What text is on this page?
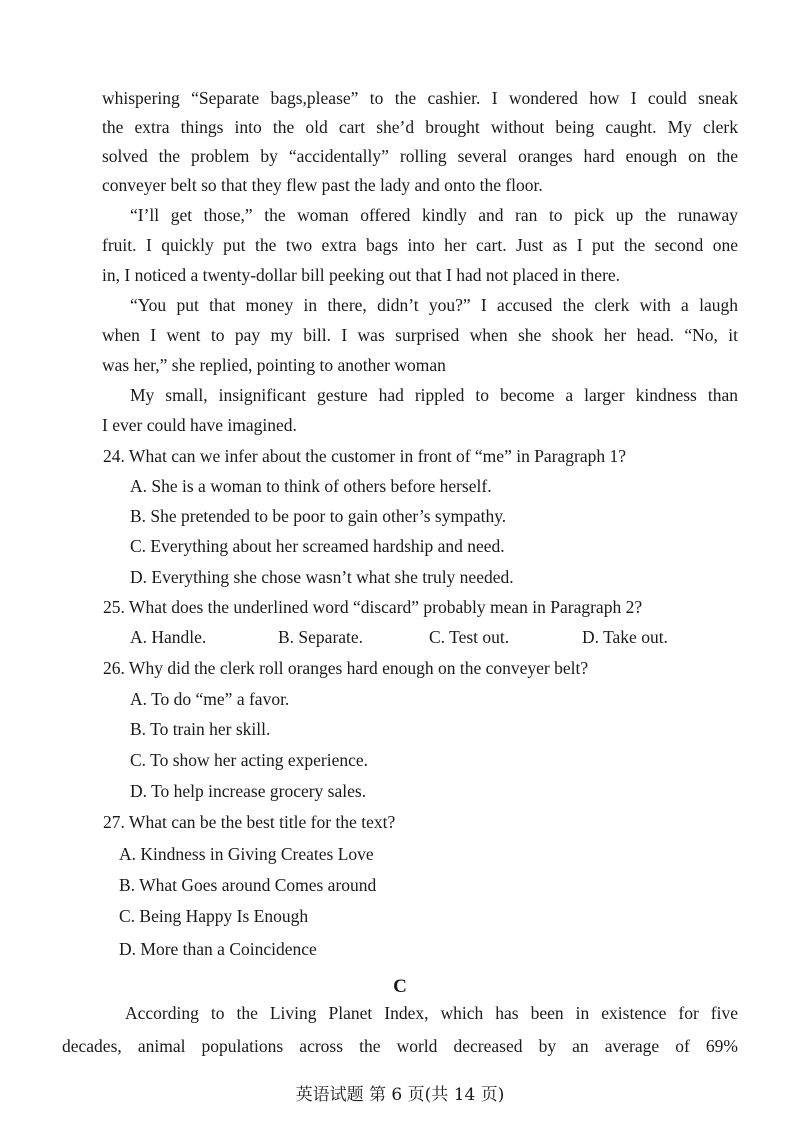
whispering “Separate bags,please” to the cashier. I wondered how I could sneak
the extra things into the old cart she’d brought without being caught. My clerk
solved the problem by “accidentally” rolling several oranges hard enough on the
conveyer belt so that they flew past the lady and onto the floor.
“I’ll get those,” the woman offered kindly and ran to pick up the runaway
fruit. I quickly put the two extra bags into her cart. Just as I put the second one
in, I noticed a twenty-dollar bill peeking out that I had not placed in there.
“You put that money in there, didn’t you?” I accused the clerk with a laugh
when I went to pay my bill. I was surprised when she shook her head. “No, it
was her,” she replied, pointing to another woman
My small, insignificant gesture had rippled to become a larger kindness than
I ever could have imagined.
24. What can we infer about the customer in front of “me” in Paragraph 1?
A. She is a woman to think of others before herself.
B. She pretended to be poor to gain other’s sympathy.
C. Everything about her screamed hardship and need.
D. Everything she chose wasn’t what she truly needed.
25. What does the underlined word “discard” probably mean in Paragraph 2?
A. Handle.	B. Separate.	C. Test out.	D. Take out.
26. Why did the clerk roll oranges hard enough on the conveyer belt?
A. To do “me” a favor.
B. To train her skill.
C. To show her acting experience.
D. To help increase grocery sales.
27. What can be the best title for the text?
A. Kindness in Giving Creates Love
B. What Goes around Comes around
C. Being Happy Is Enough
D. More than a Coincidence
C
According to the Living Planet Index, which has been in existence for five
decades, animal populations across the world decreased by an average of 69%
英语试题 第 6 页(共 14 页)
